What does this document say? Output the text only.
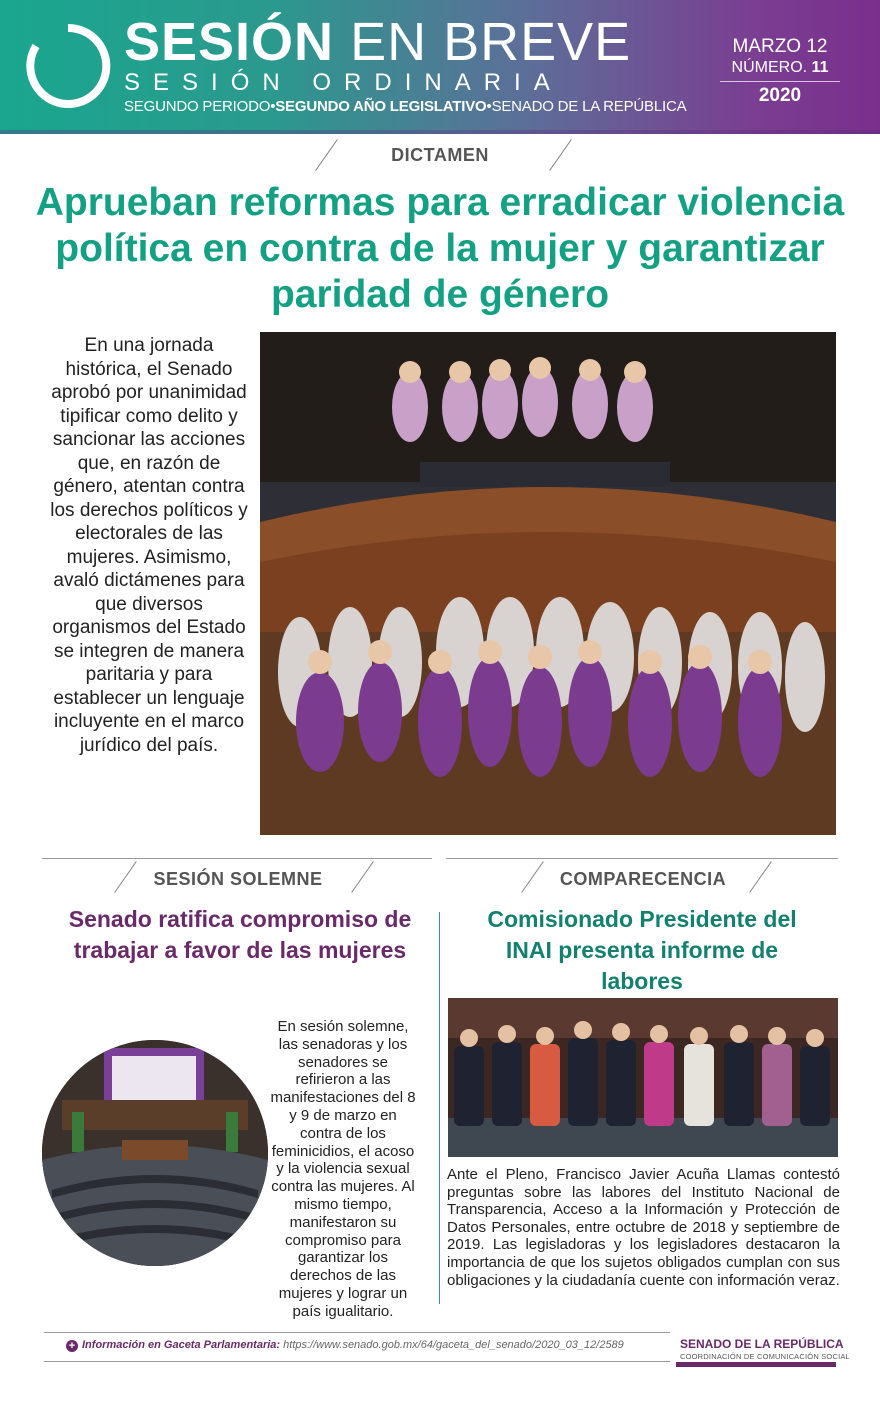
SESIÓN EN BREVE
SESIÓN ORDINARIA
SEGUNDO PERIODO•SEGUNDO AÑO LEGISLATIVO•SENADO DE LA REPÚBLICA
MARZO 12
NÚMERO. 11
2020
DICTAMEN
Aprueban reformas para erradicar violencia política en contra de la mujer y garantizar paridad de género
En una jornada histórica, el Senado aprobó por unanimidad tipificar como delito y sancionar las acciones que, en razón de género, atentan contra los derechos políticos y electorales de las mujeres. Asimismo, avaló dictámenes para que diversos organismos del Estado se integren de manera paritaria y para establecer un lenguaje incluyente en el marco jurídico del país.
SESIÓN SOLEMNE	COMPARECENCIA
Senado ratifica compromiso de trabajar a favor de las mujeres
En sesión solemne, las senadoras y los senadores se refirieron a las manifestaciones del 8 y 9 de marzo en contra de los feminicidios, el acoso y la violencia sexual contra las mujeres. Al mismo tiempo, manifestaron su compromiso para garantizar los derechos de las mujeres y lograr un país igualitario.
Comisionado Presidente del INAI presenta informe de labores
Ante el Pleno, Francisco Javier Acuña Llamas contestó preguntas sobre las labores del Instituto Nacional de Transparencia, Acceso a la Información y Protección de Datos Personales, entre octubre de 2018 y septiembre de 2019. Las legisladoras y los legisladores destacaron la importancia de que los sujetos obligados cumplan con sus obligaciones y la ciudadanía cuente con información veraz.
+ Información en Gaceta Parlamentaria: https://www.senado.gob.mx/64/gaceta_del_senado/2020_03_12/2589	SENADO DE LA REPÚBLICA
COORDINACIÓN DE COMUNICACIÓN SOCIAL
